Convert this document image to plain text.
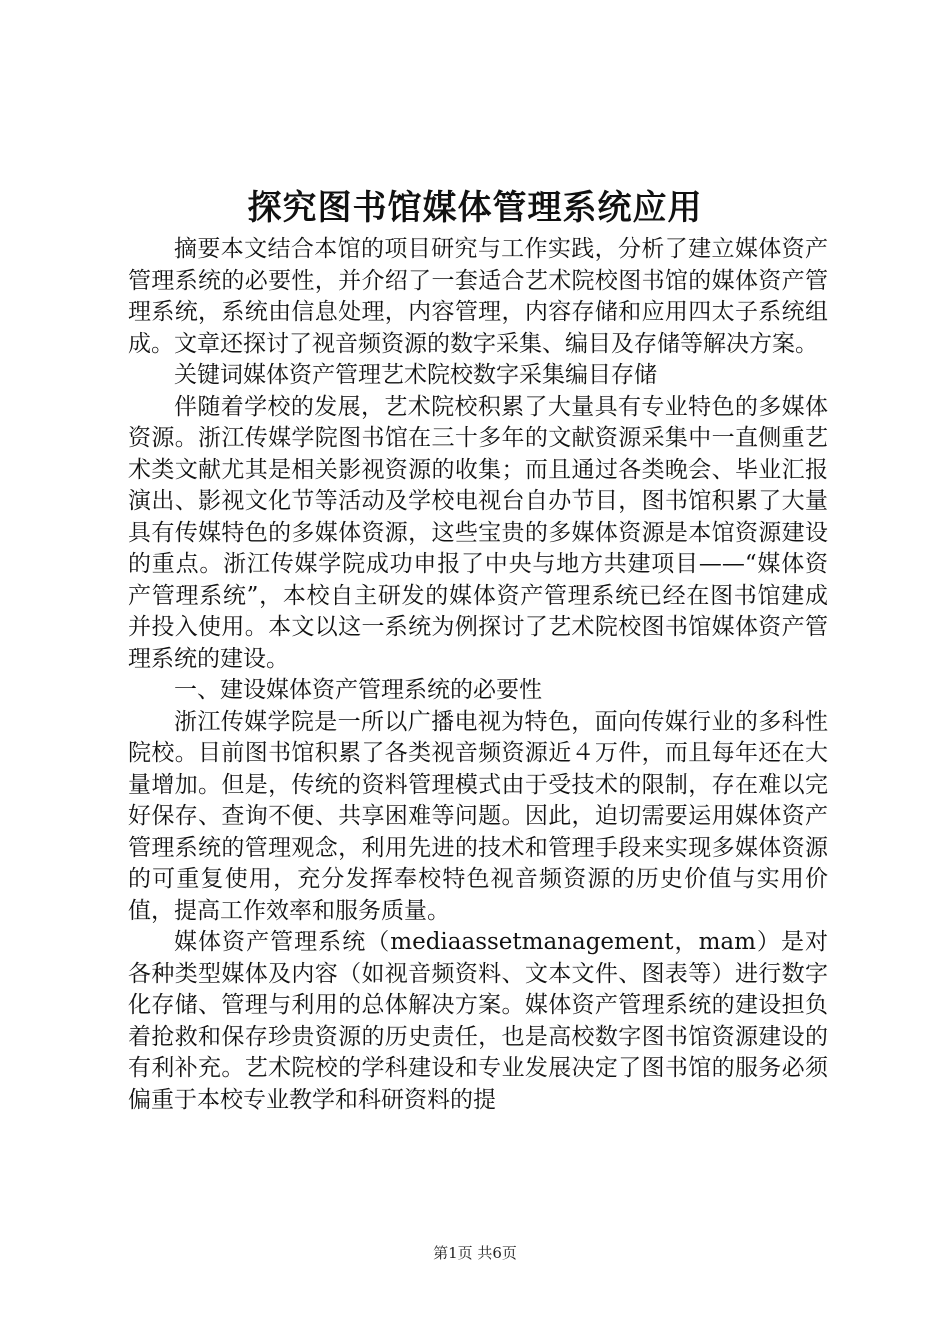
探究图书馆媒体管理系统应用

摘要本文结合本馆的项目研究与工作实践，分析了建立媒体资产管理系统的必要性，并介绍了一套适合艺术院校图书馆的媒体资产管理系统，系统由信息处理，内容管理，内容存储和应用四太子系统组成。文章还探讨了视音频资源的数字采集、编目及存储等解决方案。

关键词媒体资产管理艺术院校数字采集编目存储

伴随着学校的发展，艺术院校积累了大量具有专业特色的多媒体资源。浙江传媒学院图书馆在三十多年的文献资源采集中一直侧重艺术类文献尤其是相关影视资源的收集；而且通过各类晚会、毕业汇报演出、影视文化节等活动及学校电视台自办节目，图书馆积累了大量具有传媒特色的多媒体资源，这些宝贵的多媒体资源是本馆资源建设的重点。浙江传媒学院成功申报了中央与地方共建项目——“媒体资产管理系统”，本校自主研发的媒体资产管理系统已经在图书馆建成并投入使用。本文以这一系统为例探讨了艺术院校图书馆媒体资产管理系统的建设。

一、建设媒体资产管理系统的必要性

浙江传媒学院是一所以广播电视为特色，面向传媒行业的多科性院校。目前图书馆积累了各类视音频资源近４万件，而且每年还在大量增加。但是，传统的资料管理模式由于受技术的限制，存在难以完好保存、查询不便、共享困难等问题。因此，迫切需要运用媒体资产管理系统的管理观念，利用先进的技术和管理手段来实现多媒体资源的可重复使用，充分发挥奉校特色视音频资源的历史价值与实用价值，提高工作效率和服务质量。

媒体资产管理系统（mediaassetmanagement，mam）是对各种类型媒体及内容（如视音频资料、文本文件、图表等）进行数字化存储、管理与利用的总体解决方案。媒体资产管理系统的建设担负着抢救和保存珍贵资源的历史责任，也是高校数字图书馆资源建设的有利补充。艺术院校的学科建设和专业发展决定了图书馆的服务必须偏重于本校专业教学和科研资料的提

第1页 共6页
